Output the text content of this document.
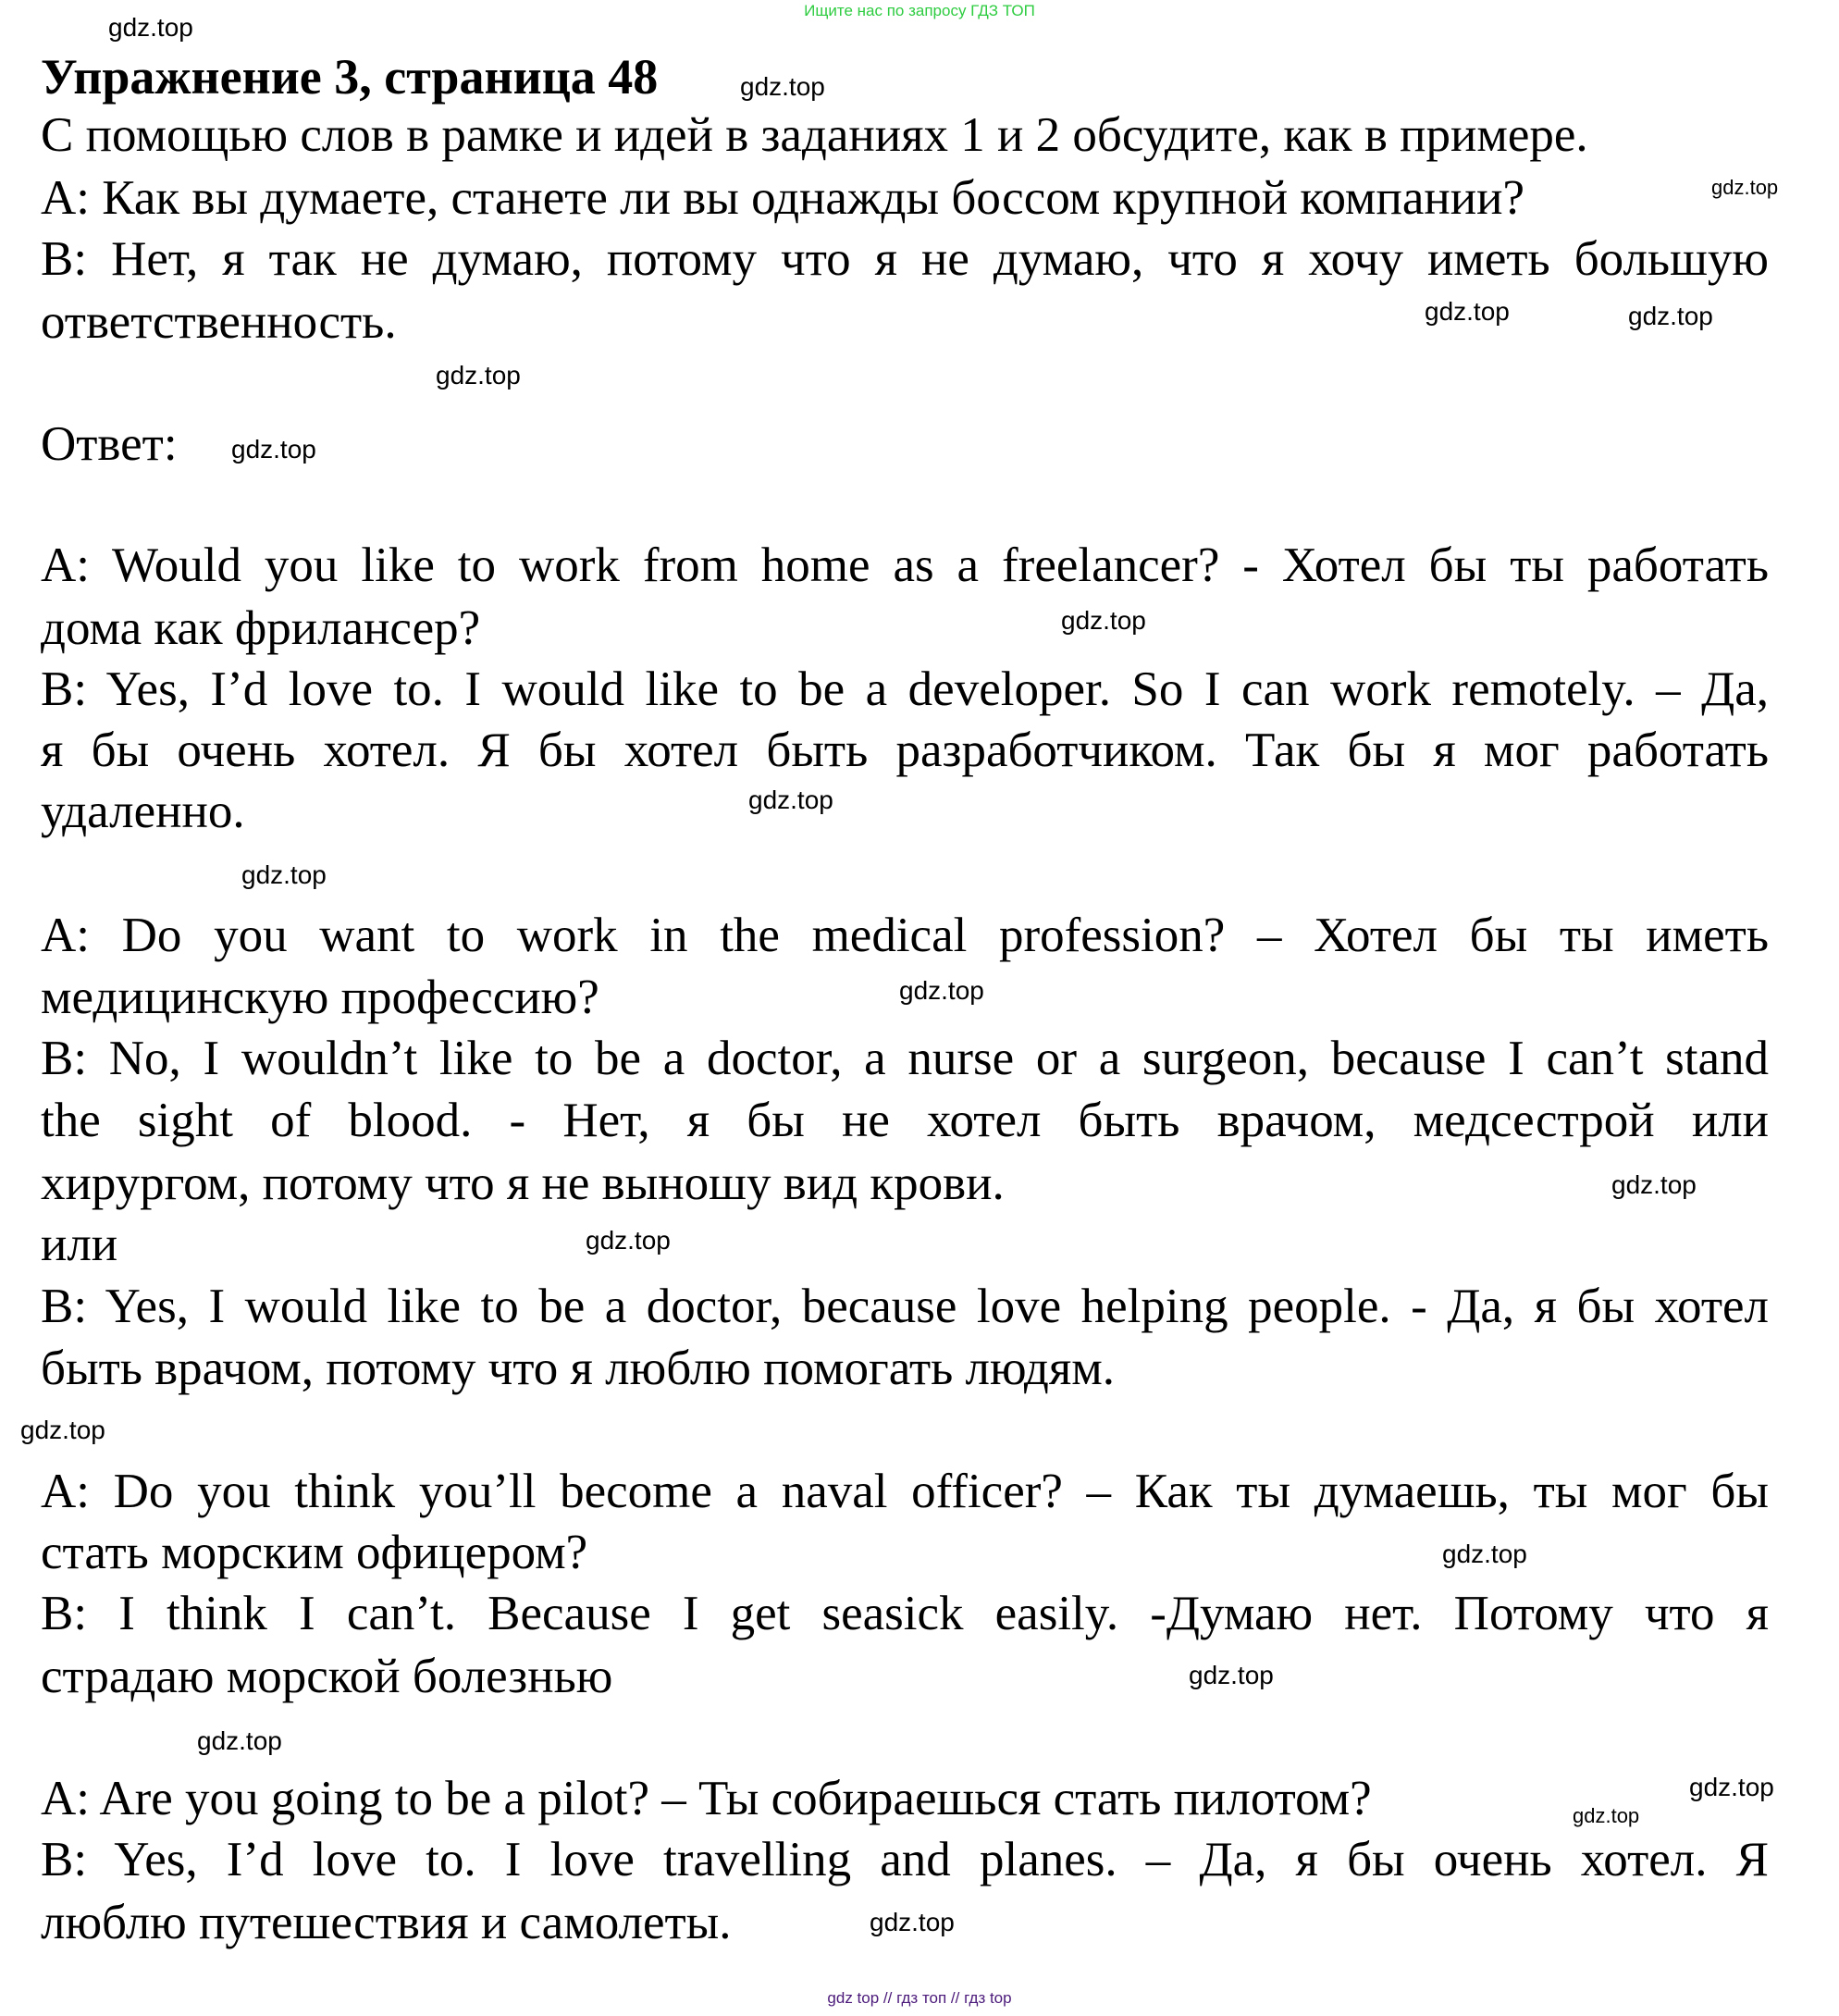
Ищите нас по запросу ГДЗ ТОП
Упражнение 3, страница 48
С помощью слов в рамке и идей в заданиях 1 и 2 обсудите, как в примере.
A: Как вы думаете, станете ли вы однажды боссом крупной компании?
B: Нет, я так не думаю, потому что я не думаю, что я хочу иметь большую
ответственность.
Ответ:
A: Would you like to work from home as a freelancer? - Хотел бы ты работать
дома как фрилансер?
B: Yes, I’d love to. I would like to be a developer. So I can work remotely. – Да,
я бы очень хотел. Я бы хотел быть разработчиком. Так бы я мог работать
удаленно.
A: Do you want to work in the medical profession? – Хотел бы ты иметь
медицинскую профессию?
B: No, I wouldn’t like to be a doctor, a nurse or a surgeon, because I can’t stand
the sight of blood. - Нет, я бы не хотел быть врачом, медсестрой или
хирургом, потому что я не выношу вид крови.
или
B: Yes, I would like to be a doctor, because love helping people. - Да, я бы хотел
быть врачом, потому что я люблю помогать людям.
A: Do you think you’ll become a naval officer? – Как ты думаешь, ты мог бы
стать морским офицером?
B: I think I can’t. Because I get seasick easily. -Думаю нет. Потому что я
страдаю морской болезнью
A: Are you going to be a pilot? – Ты собираешься стать пилотом?
B: Yes, I’d love to. I love travelling and planes. – Да, я бы очень хотел. Я
люблю путешествия и самолеты.
gdz.top
gdz.top
gdz.top
gdz.top
gdz.top
gdz.top
gdz.top
gdz.top
gdz.top
gdz.top
gdz.top
gdz.top
gdz.top
gdz.top
gdz.top
gdz.top
gdz.top
gdz.top
gdz.top
gdz.top
gdz top // гдз топ // гдз top
